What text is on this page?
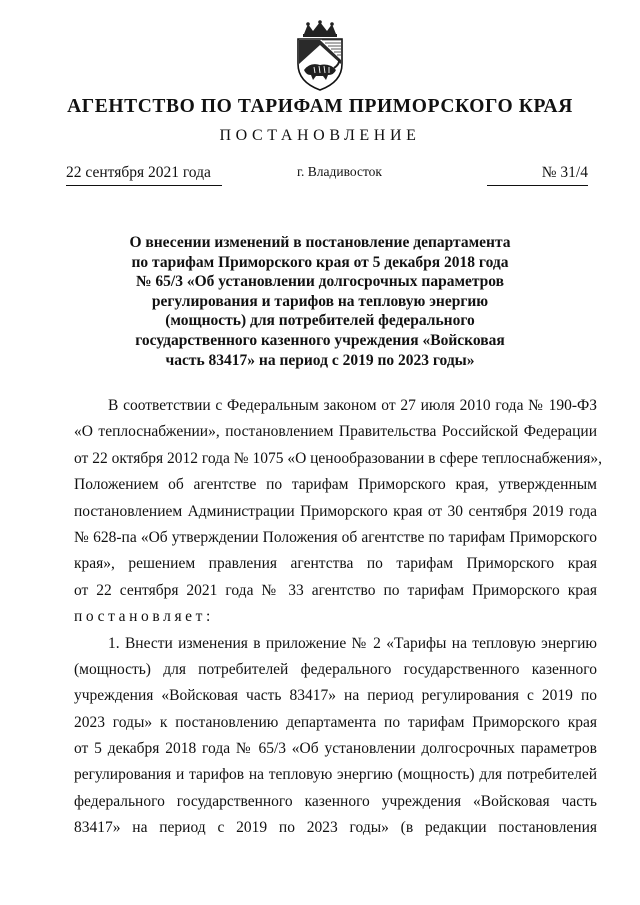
АГЕНТСТВО ПО ТАРИФАМ ПРИМОРСКОГО КРАЯ
ПОСТАНОВЛЕНИЕ
22 сентября 2021 года	г. Владивосток	№ 31/4
О внесении изменений в постановление департамента
по тарифам Приморского края от 5 декабря 2018 года
№ 65/3 «Об установлении долгосрочных параметров
регулирования и тарифов на тепловую энергию
(мощность) для потребителей федерального
государственного казенного учреждения «Войсковая
часть 83417» на период с 2019 по 2023 годы»
В соответствии с Федеральным законом от 27 июля 2010 года № 190-ФЗ
«О теплоснабжении», постановлением Правительства Российской Федерации
от 22 октября 2012 года № 1075 «О ценообразовании в сфере теплоснабжения»,
Положением об агентстве по тарифам Приморского края, утвержденным
постановлением Администрации Приморского края от 30 сентября 2019 года
№ 628-па «Об утверждении Положения об агентстве по тарифам Приморского
края», решением правления агентства по тарифам Приморского края
от 22 сентября 2021 года № 33 агентство по тарифам Приморского края
постановляет:
1. Внести изменения в приложение № 2 «Тарифы на тепловую энергию
(мощность) для потребителей федерального государственного казенного
учреждения «Войсковая часть 83417» на период регулирования с 2019 по
2023 годы» к постановлению департамента по тарифам Приморского края
от 5 декабря 2018 года № 65/3 «Об установлении долгосрочных параметров
регулирования и тарифов на тепловую энергию (мощность) для потребителей
федерального государственного казенного учреждения «Войсковая часть
83417» на период с 2019 по 2023 годы» (в редакции постановления
